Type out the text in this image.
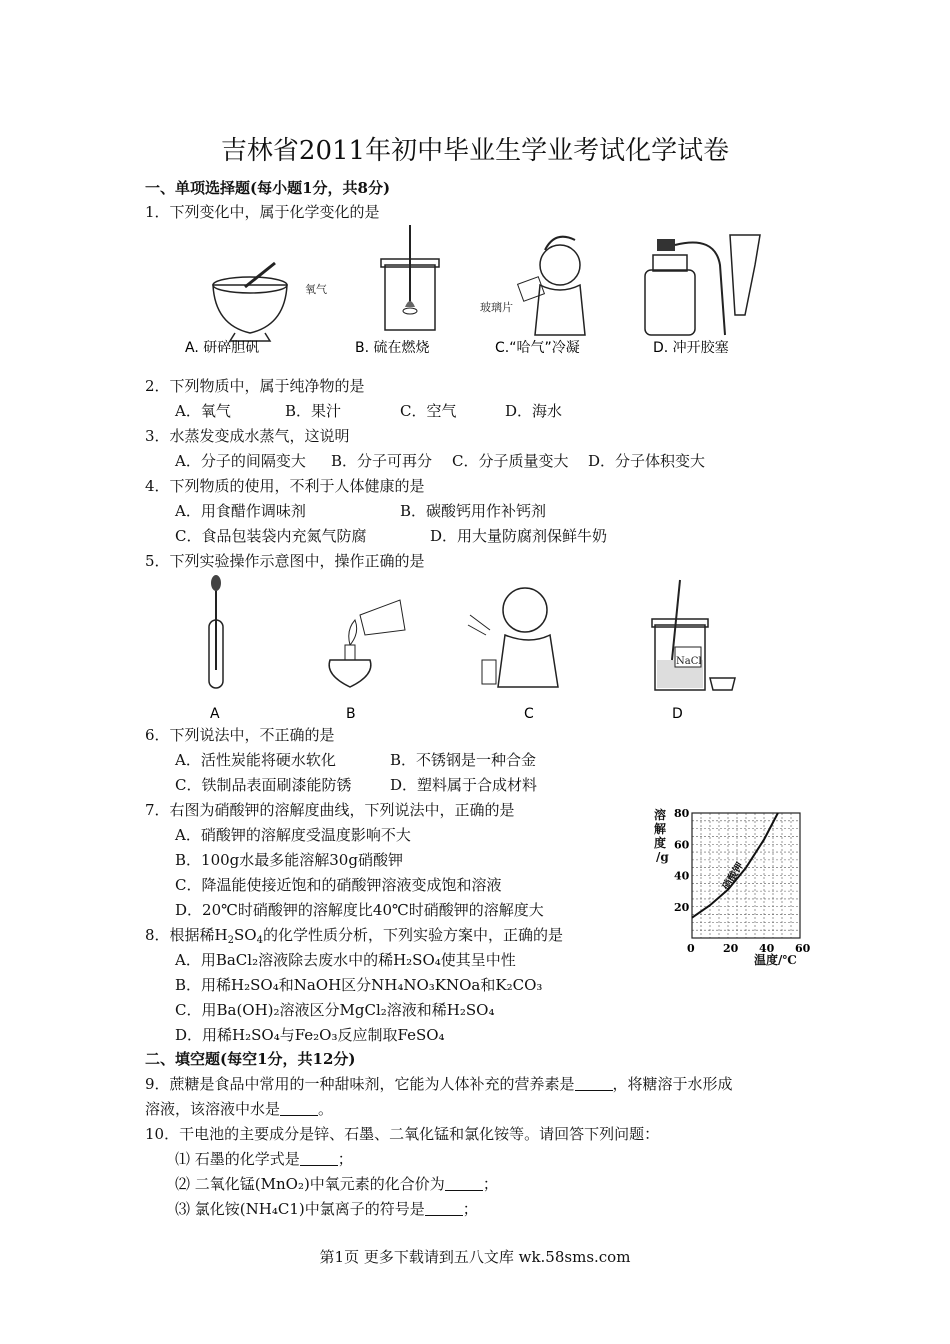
吉林省2011年初中毕业生学业考试化学试卷
一、单项选择题(每小题1分，共8分)
1．下列变化中，属于化学变化的是
氧气
玻璃片
A. 研碎胆矾	B. 硫在燃烧	C.“哈气”冷凝	D. 冲开胶塞
2．下列物质中，属于纯净物的是
A．氧气	B．果汁	C．空气	D．海水
3．水蒸发变成水蒸气，这说明
A．分子的间隔变大 B．分子可再分 C．分子质量变大 D．分子体积变大
4．下列物质的使用，不利于人体健康的是
A．用食醋作调味剂	B．碳酸钙用作补钙剂
C．食品包装袋内充氮气防腐	D．用大量防腐剂保鲜牛奶
5．下列实验操作示意图中，操作正确的是
NaCl
A	B	C	D
6．下列说法中，不正确的是
A．活性炭能将硬水软化	B．不锈钢是一种合金
C．铁制品表面刷漆能防锈	D．塑料属于合成材料
7．右图为硝酸钾的溶解度曲线，下列说法中，正确的是
A．硝酸钾的溶解度受温度影响不大
B．100g水最多能溶解30g硝酸钾
C．降温能使接近饱和的硝酸钾溶液变成饱和溶液
D．20℃时硝酸钾的溶解度比40℃时硝酸钾的溶解度大
硝酸钾
20
40
60
80
0	20 40 60
溶
解
度
/g
温度/℃
8．根据稀$H_2SO_4$的化学性质分析，下列实验方案中，正确的是
A．用BaCl₂溶液除去废水中的稀H₂SO₄使其呈中性
B．用稀H₂SO₄和NaOH区分NH₄NO₃KNOa和K₂CO₃
C．用Ba(OH)₂溶液区分MgCl₂溶液和稀H₂SO₄
D．用稀H₂SO₄与Fe₂O₃反应制取FeSO₄
二、填空题(每空1分，共12分)
9．蔗糖是食品中常用的一种甜味剂，它能为人体补充的营养素是	，将糖溶于水形成
溶液，该溶液中水是	。
10．干电池的主要成分是锌、石墨、二氧化锰和氯化铵等。请回答下列问题：
⑴ 石墨的化学式是	；
⑵ 二氧化锰(MnO₂)中氧元素的化合价为	；
⑶ 氯化铵(NH₄C1)中氯离子的符号是	；
第1页 更多下载请到五八文库 wk.58sms.com
